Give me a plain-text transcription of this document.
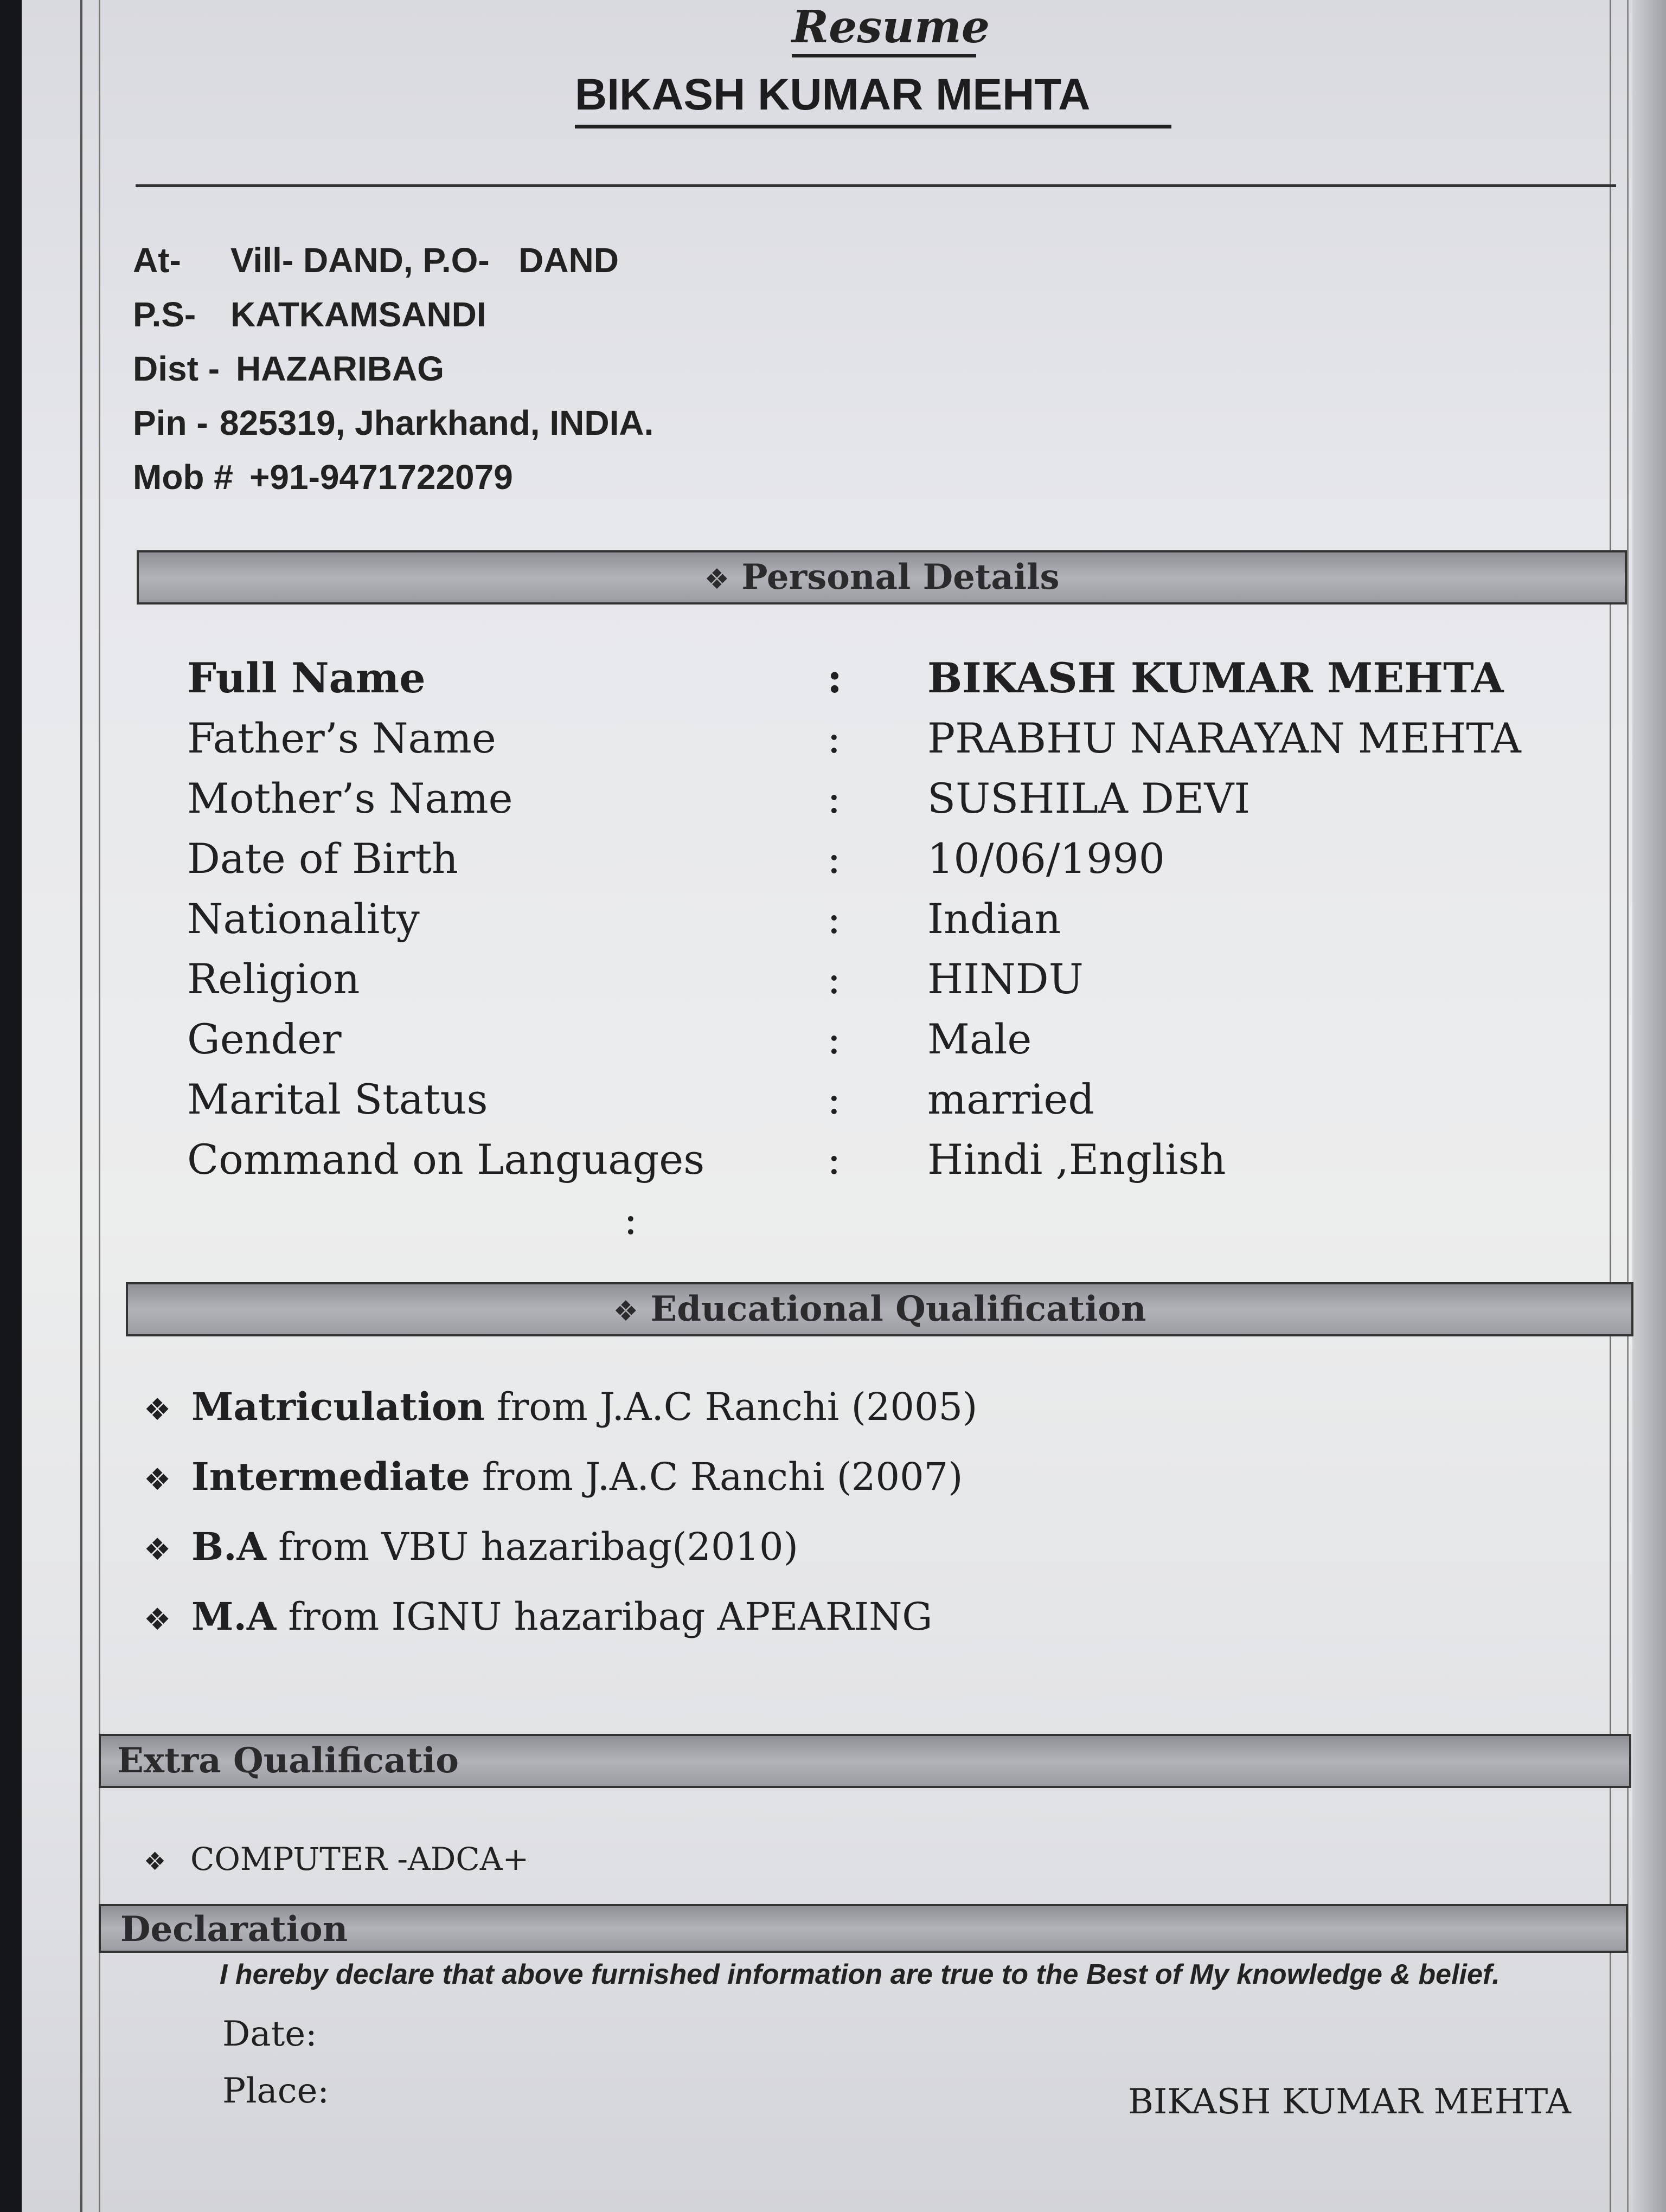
Resume
BIKASH KUMAR MEHTA
At- Vill- DAND, P.O-   DAND
P.S- KATKAMSANDI
Dist - HAZARIBAG
Pin - 825319, Jharkhand, INDIA.
Mob # +91-9471722079
❖ Personal Details
Full Name	: BIKASH KUMAR MEHTA
Father’s Name	: PRABHU NARAYAN MEHTA
Mother’s Name	: SUSHILA DEVI
Date of Birth	: 10/06/1990
Nationality	: Indian
Religion	: HINDU
Gender	: Male
Marital Status	: married
Command on Languages	: Hindi ,English
:
❖ Educational Qualification
❖ Matriculation from J.A.C Ranchi (2005)
❖ Intermediate from J.A.C Ranchi (2007)
❖ B.A from VBU hazaribag(2010)
❖ M.A from IGNU hazaribag APEARING
Extra Qualificatio
❖ COMPUTER -ADCA+
Declaration
I hereby declare that above furnished information are true to the Best of My knowledge & belief.
Date:
Place:	BIKASH KUMAR MEHTA
